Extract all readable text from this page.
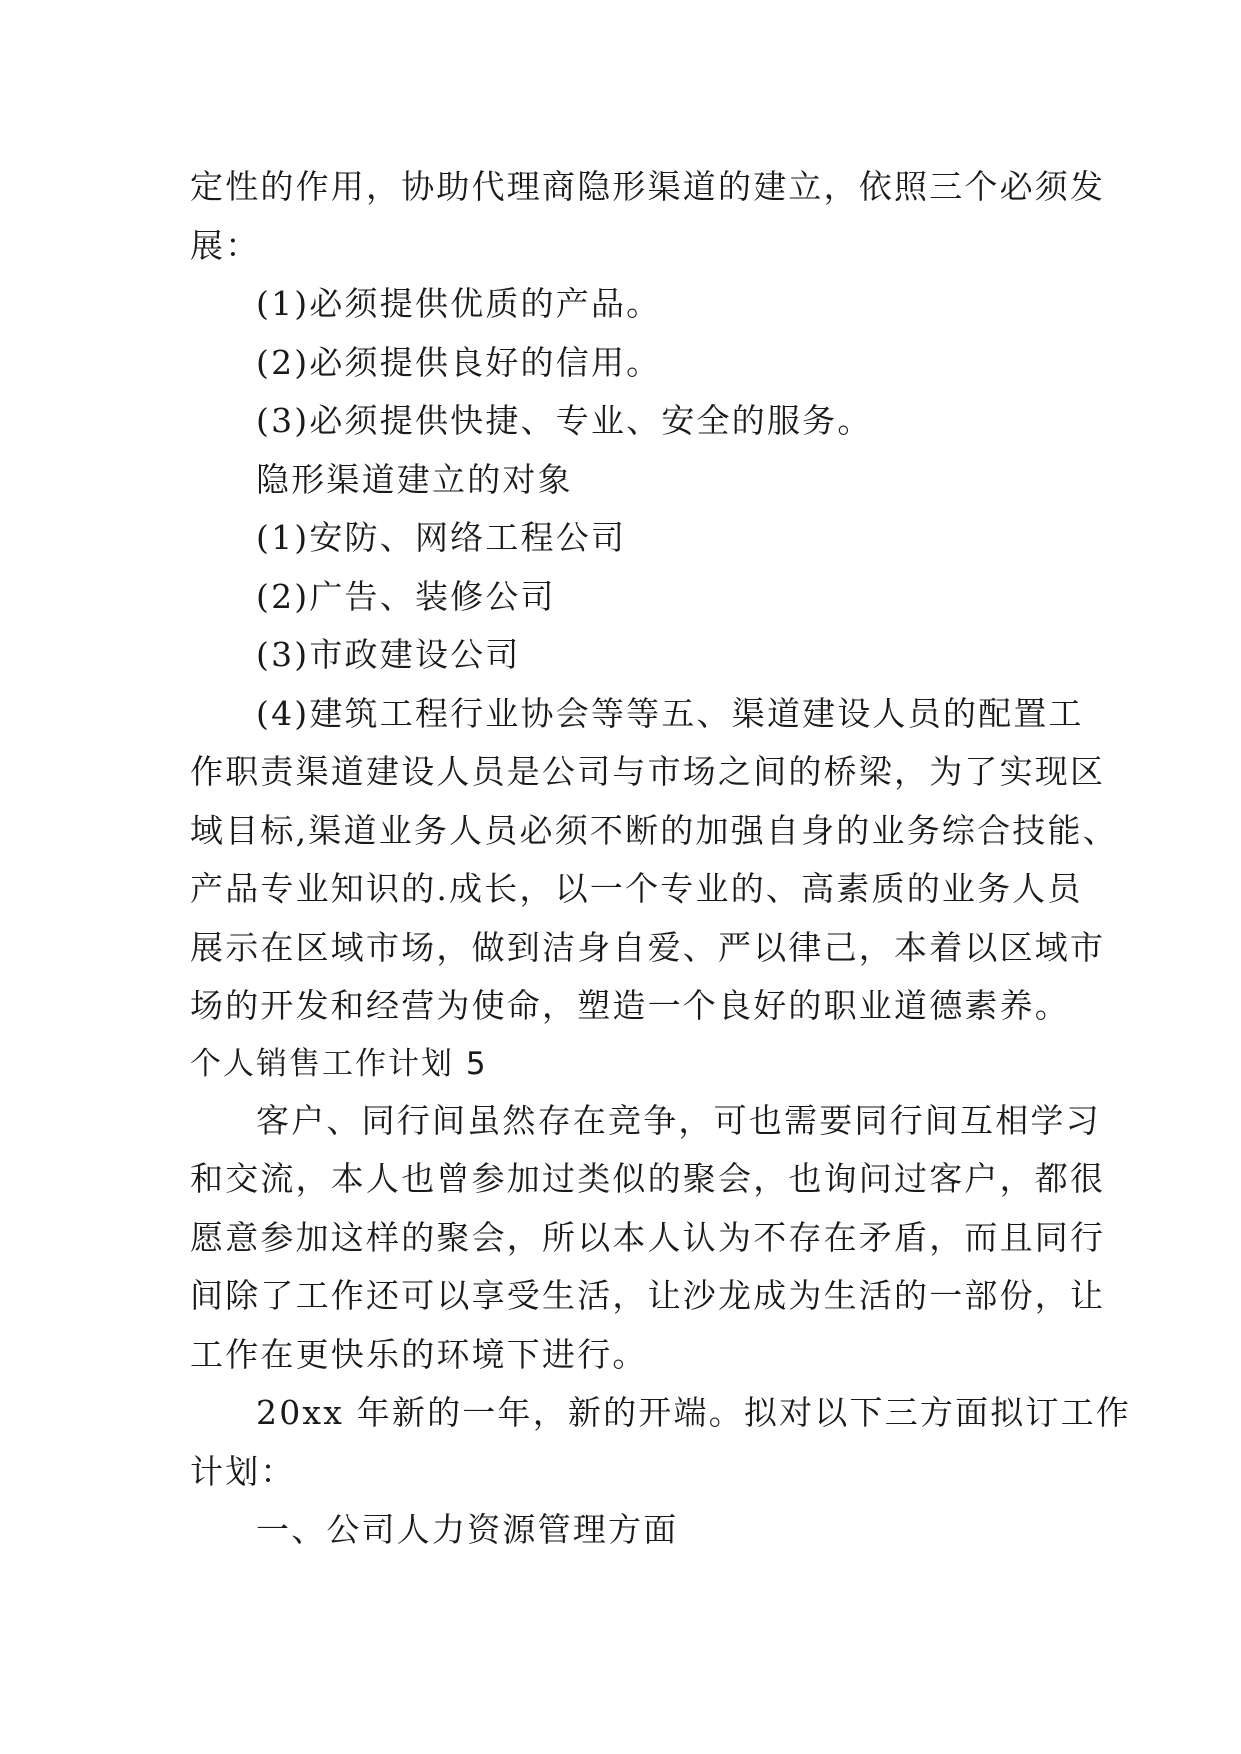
定性的作用，协助代理商隐形渠道的建立，依照三个必须发
展：
(1)必须提供优质的产品。
(2)必须提供良好的信用。
(3)必须提供快捷、专业、安全的服务。
隐形渠道建立的对象
(1)安防、网络工程公司
(2)广告、装修公司
(3)市政建设公司
(4)建筑工程行业协会等等五、渠道建设人员的配置工
作职责渠道建设人员是公司与市场之间的桥梁，为了实现区
域目标,渠道业务人员必须不断的加强自身的业务综合技能、
产品专业知识的.成长，以一个专业的、高素质的业务人员
展示在区域市场，做到洁身自爱、严以律己，本着以区域市
场的开发和经营为使命，塑造一个良好的职业道德素养。
个人销售工作计划 5
客户、同行间虽然存在竞争，可也需要同行间互相学习
和交流，本人也曾参加过类似的聚会，也询问过客户，都很
愿意参加这样的聚会，所以本人认为不存在矛盾，而且同行
间除了工作还可以享受生活，让沙龙成为生活的一部份，让
工作在更快乐的环境下进行。
20xx 年新的一年，新的开端。拟对以下三方面拟订工作
计划：
一、公司人力资源管理方面
